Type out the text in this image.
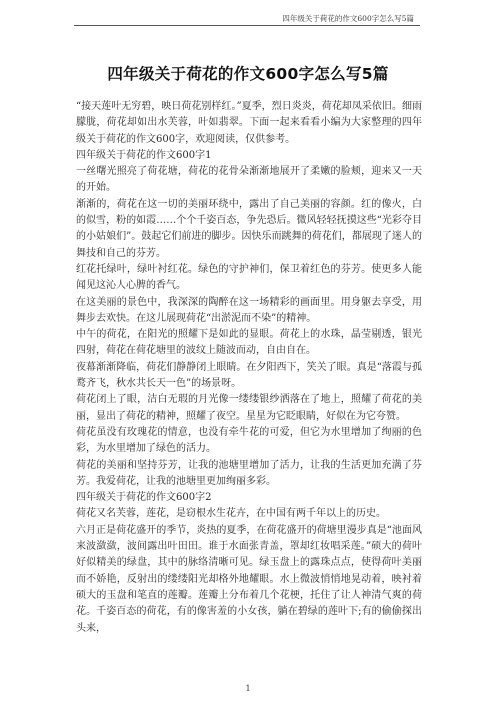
四年级关于荷花的作文600字怎么写5篇
四年级关于荷花的作文600字怎么写5篇

“接天莲叶无穷碧，映日荷花别样红。”夏季，烈日炎炎，荷花却凤采依旧。细雨朦胧，荷花却如出水芙蓉，叶如翡翠。下面一起来看看小编为大家整理的四年级关于荷花的作文600字，欢迎阅读，仅供参考。

四年级关于荷花的作文600字1

一丝曙光照亮了荷花塘，荷花的花骨朵渐渐地展开了柔嫩的脸颊，迎来又一天的开始。

渐渐的，荷花在这一切的美丽环绕中，露出了自己美丽的容颜。红的像火，白的似雪，粉的如霞……个个千姿百态，争先恐后。微风轻轻抚摸这些“光彩夺目的小姑娘们”。鼓起它们前进的脚步。因快乐而跳舞的荷花们，都展现了迷人的舞技和自己的芬芳。

红花托绿叶，绿叶衬红花。绿色的守护神们，保卫着红色的芬芳。使更多人能闻见这沁人心脾的香气。

在这美丽的景色中，我深深的陶醉在这一场精彩的画面里。用身躯去享受，用舞步去欢快。在这儿展现荷花“出淤泥而不染”的精神。

中午的荷花，在阳光的照耀下是如此的显眼。荷花上的水珠，晶莹剔透，银光四射，荷花在荷花塘里的波纹上随波而动，自由自在。

夜幕渐渐降临，荷花们静静闭上眼睛。在夕阳西下，笑关了眼。真是“落霞与孤鹜齐飞，秋水共长天一色”的场景呀。

荷花闭上了眼，洁白无瑕的月光像一缕缕银纱洒落在了地上，照耀了荷花的美丽，显出了荷花的精神，照耀了夜空。星星为它眨眼睛，好似在为它夸赞。

荷花虽没有玫瑰花的情意，也没有牵牛花的可爱，但它为水里增加了绚丽的色彩，为水里增加了绿色的活力。

荷花的美丽和坚持芬芳，让我的池塘里增加了活力，让我的生活更加充满了芬芳。我爱荷花，让我的池塘里更加绚丽多彩。

四年级关于荷花的作文600字2

荷花又名芙蓉，莲花，是窃根水生花卉，在中国有两千年以上的历史。

六月正是荷花盛开的季节，炎热的夏季，在荷花盛开的荷塘里漫步真是“池面风来波潋潋，波间露出叶田田。谁于水面张青盖，罩却红妆唱采莲。”硕大的荷叶好似精美的绿盘，其中的脉络清晰可见。绿玉盘上的露珠点点，使得荷叶美丽而不娇艳，反射出的缕缕阳光却格外地耀眼。水上微波悄悄地晃动着，映衬着硕大的玉盘和笔直的莲瓣。莲瓣上分布着几个花梗，托住了让人神清气爽的荷花。千姿百态的荷花，有的像害羞的小女孩，躺在碧绿的莲叶下;有的偷偷探出头来，

1
